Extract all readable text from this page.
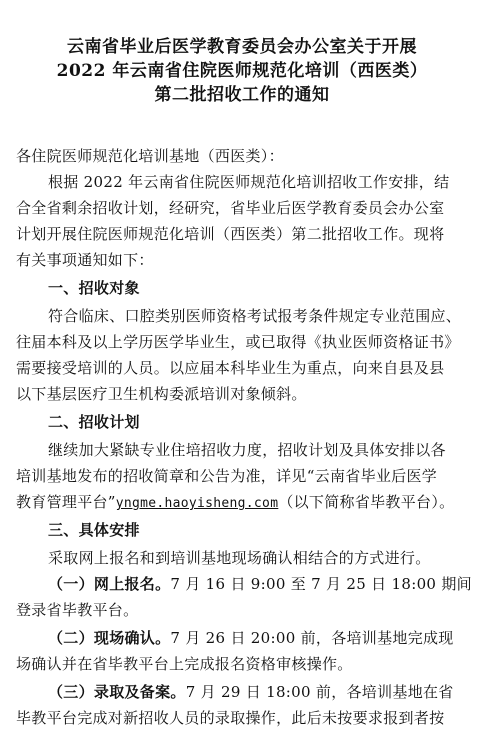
云南省毕业后医学教育委员会办公室关于开展
2022 年云南省住院医师规范化培训（西医类）
第二批招收工作的通知
各住院医师规范化培训基地（西医类）：
根据 2022 年云南省住院医师规范化培训招收工作安排，结
合全省剩余招收计划，经研究，省毕业后医学教育委员会办公室
计划开展住院医师规范化培训（西医类）第二批招收工作。现将
有关事项通知如下：
一、招收对象
符合临床、口腔类别医师资格考试报考条件规定专业范围应、
往届本科及以上学历医学毕业生，或已取得《执业医师资格证书》
需要接受培训的人员。以应届本科毕业生为重点，向来自县及县
以下基层医疗卫生机构委派培训对象倾斜。
二、招收计划
继续加大紧缺专业住培招收力度，招收计划及具体安排以各
培训基地发布的招收简章和公告为准，详见“云南省毕业后医学
教育管理平台”yngme.haoyisheng.com（以下简称省毕教平台）。
三、具体安排
采取网上报名和到培训基地现场确认相结合的方式进行。
（一）网上报名。7 月 16 日 9:00 至 7 月 25 日 18:00 期间
登录省毕教平台。
（二）现场确认。7 月 26 日 20:00 前，各培训基地完成现
场确认并在省毕教平台上完成报名资格审核操作。
（三）录取及备案。7 月 29 日 18:00 前，各培训基地在省
毕教平台完成对新招收人员的录取操作，此后未按要求报到者按
